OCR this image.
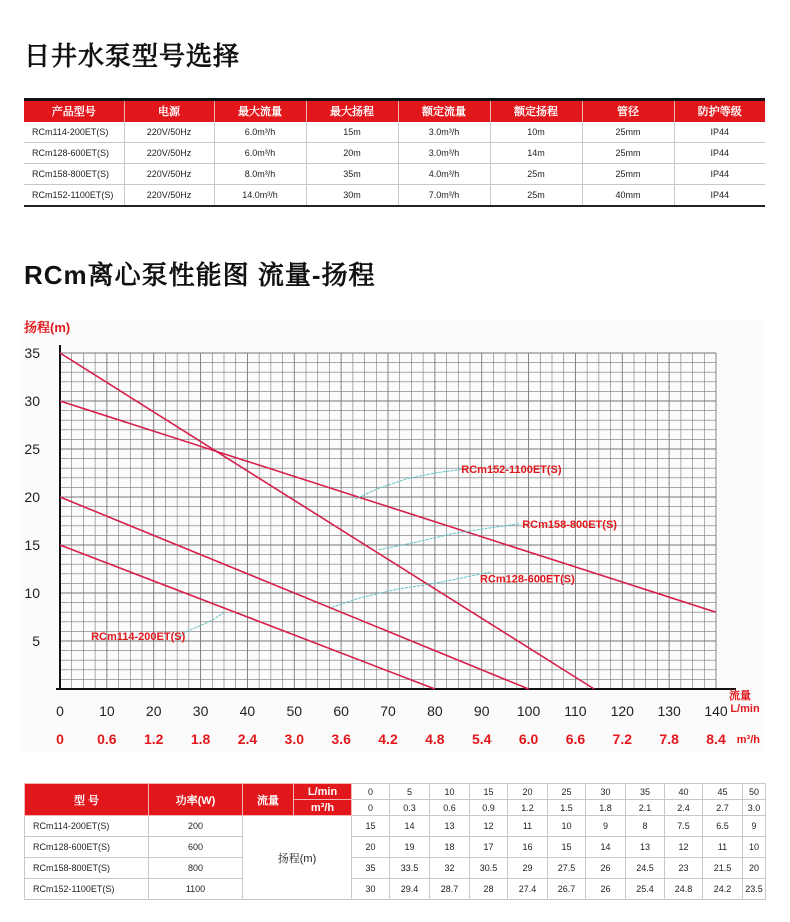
日井水泵型号选择
产品型号	电源	最大流量	最大扬程	额定流量	额定扬程	管径	防护等级
RCm114-200ET(S)	220V/50Hz	6.0m³/h	15m	3.0m³/h	10m	25mm	IP44
RCm128-600ET(S)	220V/50Hz	6.0m³/h	20m	3.0m³/h	14m	25mm	IP44
RCm158-800ET(S)	220V/50Hz	8.0m³/h	35m	4.0m³/h	25m	25mm	IP44
RCm152-1100ET(S)	220V/50Hz	14.0m³/h	30m	7.0m³/h	25m	40mm	IP44
RCm离心泵性能图 流量-扬程
扬程(m)
5
10
15
20
25
30
35
0	10 20 30 40 50 60 70 80 90 100 110 120 130 140
0 0.6 1.2 1.8 2.4 3.0 3.6 4.2 4.8 5.4 6.0 6.6 7.2 7.8 8.4
流量
L/min
m³/h
RCm114-200ET(S)
RCm128-600ET(S)
RCm158-800ET(S)
RCm152-1100ET(S)
型 号	功率(W)	流量	L/min	0	5	10	15	20	25	30	35	40	45	50
			m³/h	0	0.3	0.6	0.9	1.2	1.5	1.8	2.1	2.4	2.7	3.0
RCm114-200ET(S)	200	扬程(m)		15	14	13	12	11	10	9	8	7.5	6.5	9
RCm128-600ET(S)	600			20	19	18	17	16	15	14	13	12	11	10
RCm158-800ET(S)	800			35	33.5	32	30.5	29	27.5	26	24.5	23	21.5	20
RCm152-1100ET(S)	1100			30	29.4	28.7	28	27.4	26.7	26	25.4	24.8	24.2	23.5
